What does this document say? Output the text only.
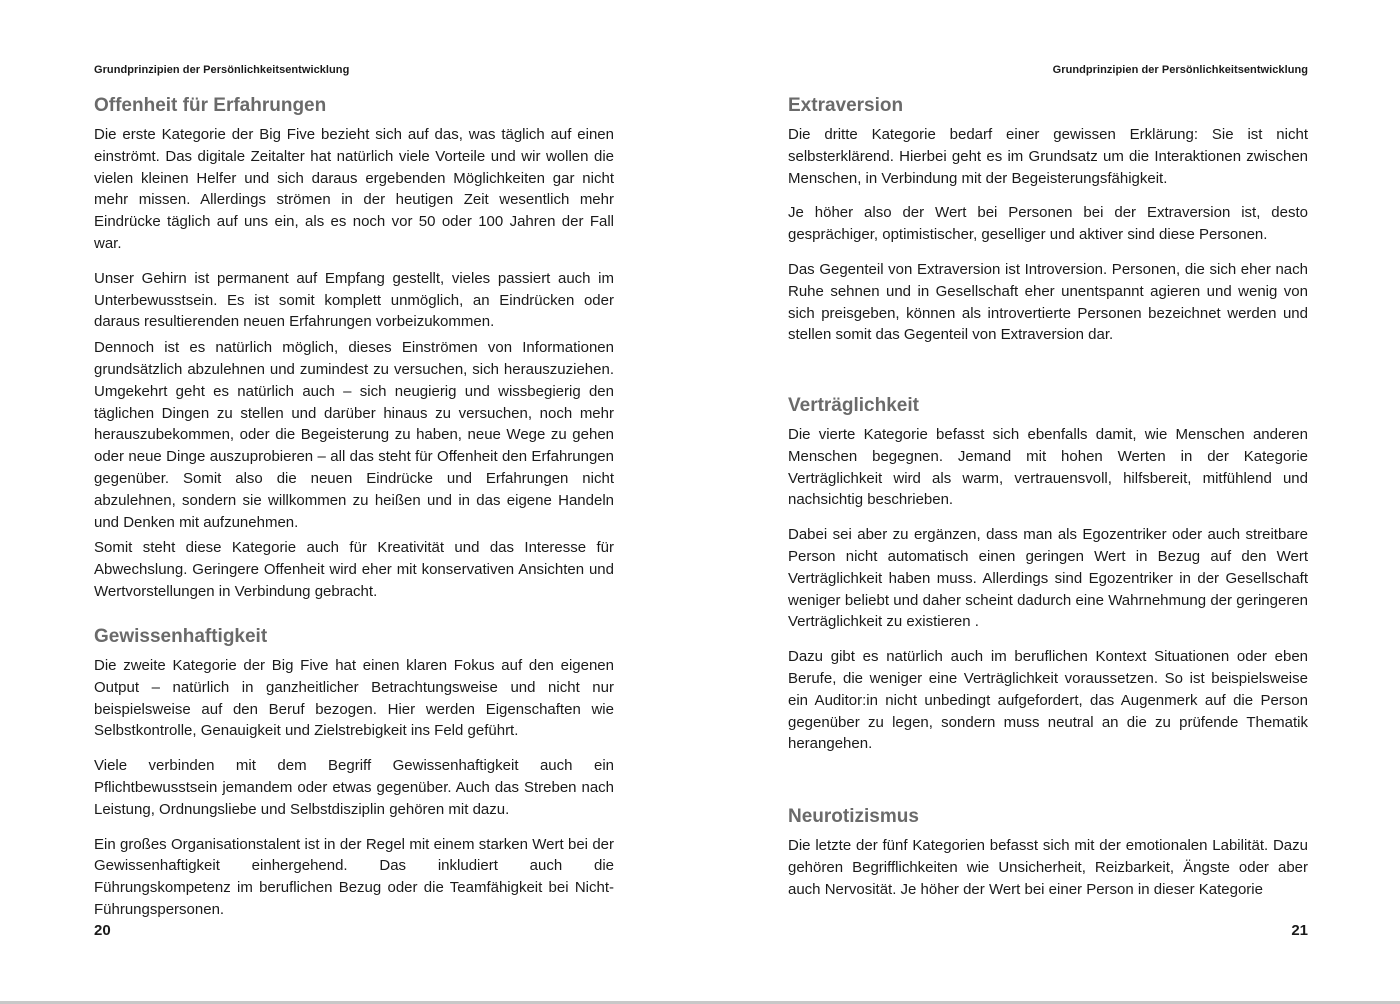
Grundprinzipien der Persönlichkeitsentwicklung
Offenheit für Erfahrungen

Die erste Kategorie der Big Five bezieht sich auf das, was täglich auf einen einströmt. Das digitale Zeitalter hat natürlich viele Vorteile und wir wollen die vielen kleinen Helfer und sich daraus ergebenden Möglichkeiten gar nicht mehr missen. Allerdings strömen in der heutigen Zeit wesentlich mehr Eindrücke täglich auf uns ein, als es noch vor 50 oder 100 Jahren der Fall war.

Unser Gehirn ist permanent auf Empfang gestellt, vieles passiert auch im Unterbewusstsein. Es ist somit komplett unmöglich, an Eindrücken oder daraus resultierenden neuen Erfahrungen vorbeizukommen.

Dennoch ist es natürlich möglich, dieses Einströmen von Informationen grundsätzlich abzulehnen und zumindest zu versuchen, sich herauszuziehen. Umgekehrt geht es natürlich auch – sich neugierig und wissbegierig den täglichen Dingen zu stellen und darüber hinaus zu versuchen, noch mehr herauszubekommen, oder die Begeisterung zu haben, neue Wege zu gehen oder neue Dinge auszuprobieren – all das steht für Offenheit den Erfahrungen gegenüber. Somit also die neuen Eindrücke und Erfahrungen nicht abzulehnen, sondern sie willkommen zu heißen und in das eigene Handeln und Denken mit aufzunehmen.

Somit steht diese Kategorie auch für Kreativität und das Interesse für Abwechslung. Geringere Offenheit wird eher mit konservativen Ansichten und Wertvorstellungen in Verbindung gebracht.

Gewissenhaftigkeit

Die zweite Kategorie der Big Five hat einen klaren Fokus auf den eigenen Output – natürlich in ganzheitlicher Betrachtungsweise und nicht nur beispielsweise auf den Beruf bezogen. Hier werden Eigenschaften wie Selbstkontrolle, Genauigkeit und Zielstrebigkeit ins Feld geführt.

Viele verbinden mit dem Begriff Gewissenhaftigkeit auch ein Pflichtbewusstsein jemandem oder etwas gegenüber. Auch das Streben nach Leistung, Ordnungsliebe und Selbstdisziplin gehören mit dazu.

Ein großes Organisationstalent ist in der Regel mit einem starken Wert bei der Gewissenhaftigkeit einhergehend. Das inkludiert auch die Führungskompetenz im beruflichen Bezug oder die Teamfähigkeit bei Nicht-Führungspersonen.

20
Grundprinzipien der Persönlichkeitsentwicklung
Extraversion

Die dritte Kategorie bedarf einer gewissen Erklärung: Sie ist nicht selbsterklärend. Hierbei geht es im Grundsatz um die Interaktionen zwischen Menschen, in Verbindung mit der Begeisterungsfähigkeit.

Je höher also der Wert bei Personen bei der Extraversion ist, desto gesprächiger, optimistischer, geselliger und aktiver sind diese Personen.

Das Gegenteil von Extraversion ist Introversion. Personen, die sich eher nach Ruhe sehnen und in Gesellschaft eher unentspannt agieren und wenig von sich preisgeben, können als introvertierte Personen bezeichnet werden und stellen somit das Gegenteil von Extraversion dar.

Verträglichkeit

Die vierte Kategorie befasst sich ebenfalls damit, wie Menschen anderen Menschen begegnen. Jemand mit hohen Werten in der Kategorie Verträglichkeit wird als warm, vertrauensvoll, hilfsbereit, mitfühlend und nachsichtig beschrieben.

Dabei sei aber zu ergänzen, dass man als Egozentriker oder auch streitbare Person nicht automatisch einen geringen Wert in Bezug auf den Wert Verträglichkeit haben muss. Allerdings sind Egozentriker in der Gesellschaft weniger beliebt und daher scheint dadurch eine Wahrnehmung der geringeren Verträglichkeit zu existieren .

Dazu gibt es natürlich auch im beruflichen Kontext Situationen oder eben Berufe, die weniger eine Verträglichkeit voraussetzen. So ist beispielsweise ein Auditor:in nicht unbedingt aufgefordert, das Augenmerk auf die Person gegenüber zu legen, sondern muss neutral an die zu prüfende Thematik herangehen.

Neurotizismus

Die letzte der fünf Kategorien befasst sich mit der emotionalen Labilität. Dazu gehören Begrifflichkeiten wie Unsicherheit, Reizbarkeit, Ängste oder aber auch Nervosität. Je höher der Wert bei einer Person in dieser Kategorie

21
